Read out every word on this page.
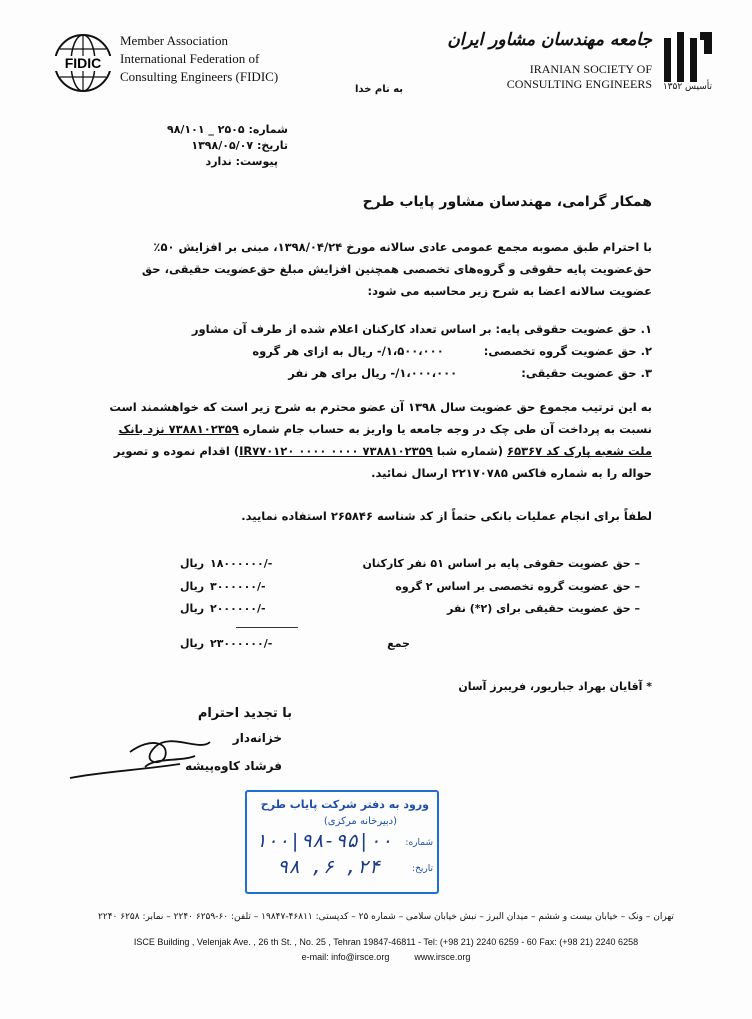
FIDIC
Member Association
International Federation of
Consulting Engineers (FIDIC)
جامعه مهندسان مشاور ایران
IRANIAN SOCIETY OF
CONSULTING ENGINEERS تأسیس ۱۳۵۲
به نام خدا
شماره: ۲۵۰۵ _ ۹۸/۱۰۱
تاریخ: ۱۳۹۸/۰۵/۰۷
پیوست: ندارد
همکار گرامی، مهندسان مشاور پایاب طرح
با احترام طبق مصوبه مجمع عمومی عادی سالانه مورخ ۱۳۹۸/۰۴/۲۴، مبنی بر افزایش ۵۰٪ حق‌عضویت پایه حقوقی و گروه‌های تخصصی همچنین افزایش مبلغ حق‌عضویت حقیقی، حق عضویت سالانه اعضا به شرح زیر محاسبه می شود:
۱. حق عضویت حقوقی پایه: بر اساس تعداد کارکنان اعلام شده از طرف آن مشاور
۲. حق عضویت گروه تخصصی:          ۱،۵۰۰،۰۰۰/- ریال به ازای هر گروه
۳. حق عضویت حقیقی:                ۱،۰۰۰،۰۰۰/- ریال برای هر نفر
به این ترتیب مجموع حق عضویت سال ۱۳۹۸ آن عضو محترم به شرح زیر است که خواهشمند است نسبت به پرداخت آن طی چک در وجه جامعه یا واریز به حساب جام شماره ۷۳۸۸۱۰۲۳۵۹ نزد بانک ملت شعبه پارک کد ۶۵۳۶۷ (شماره شبا IR۷۷۰۱۲۰ ۰۰۰۰ ۰۰۰۰ ۷۳۸۸۱۰۲۳۵۹) اقدام نموده و تصویر حواله را به شماره فاکس ۲۲۱۷۰۷۸۵ ارسال نمائید.
لطفاً برای انجام عملیات بانکی حتماً از کد شناسه ۲۶۵۸۴۶ استفاده نمایید.
– حق عضویت حقوقی پایه بر اساس ۵۱ نفر کارکنان
۱۸۰۰۰۰۰۰/-
ریال
– حق عضویت گروه تخصصی بر اساس ۲ گروه
۳۰۰۰۰۰۰/-
ریال
– حق عضویت حقیقی برای (۲*) نفر
۲۰۰۰۰۰۰/-
ریال
جمع
۲۳۰۰۰۰۰۰/-
ریال
* آقایان بهراد جباریور، فریبرز آسان
با تجدید احترام
خزانه‌دار
فرشاد کاوه‌پیشه
ورود به دفتر شرکت پایاب طرح
(دبیرخانه مرکزی)
شماره:
۱۰۰|۹۸-۹۵|۰۰
تاریخ:
۹۸ ,۶ ,۲۴
تهران – ونک – خیابان بیست و ششم – میدان البرز – نبش خیابان سلامی – شماره ۲۵ – کدپستی: ۴۶۸۱۱-۱۹۸۴۷ – تلفن: ۶۰-۶۲۵۹ ۲۲۴۰ – نمابر: ۶۲۵۸ ۲۲۴۰
ISCE Building , Velenjak Ave. , 26 th St. , No. 25 , Tehran 19847-46811 - Tel: (+98 21) 2240 6259 - 60 Fax: (+98 21) 2240 6258
e-mail: info@irsce.org          www.irsce.org
